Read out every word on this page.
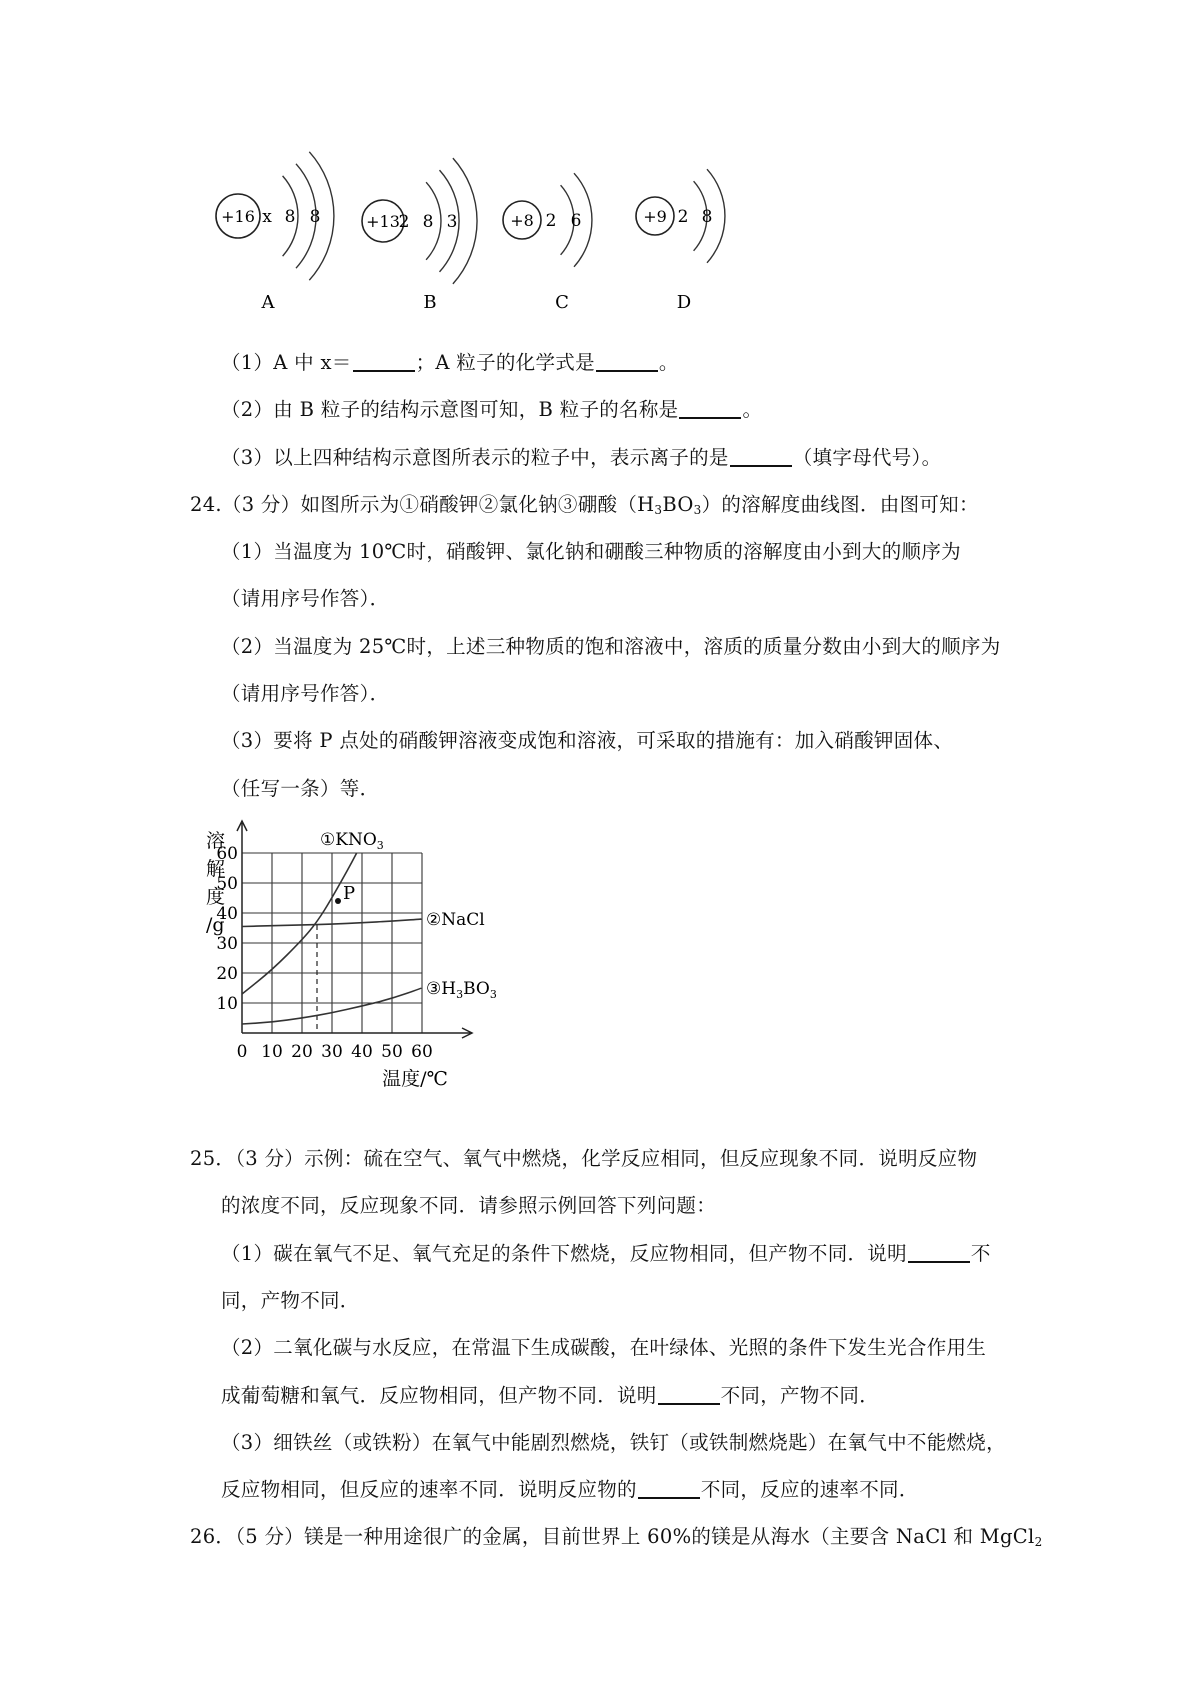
+16 x 8 8
A
+13
2 8 3
B
+8 2 6
C
+9 2 8
D
（1）A 中 x＝	；A 粒子的化学式是	。
（2）由 B 粒子的结构示意图可知，B 粒子的名称是	。
（3）以上四种结构示意图所表示的粒子中，表示离子的是	（填字母代号）。
24.（3 分）如图所示为①硝酸钾②氯化钠③硼酸$(H_3BO_3)$的溶解度曲线图．由图可知：
（1）当温度为 10℃时，硝酸钾、氯化钠和硼酸三种物质的溶解度由小到大的顺序为
（请用序号作答）．
（2）当温度为 25℃时，上述三种物质的饱和溶液中，溶质的质量分数由小到大的顺序为
（请用序号作答）．
（3）要将 P 点处的硝酸钾溶液变成饱和溶液，可采取的措施有：加入硝酸钾固体、
（任写一条）等．
10
20
30
40
50
60
0 10 20 30 40 50 60
溶
解
度
/g
温度/℃
$①KNO_3$
②NaCl
$③H_3BO_3$
P
25．（3 分）示例：硫在空气、氧气中燃烧，化学反应相同，但反应现象不同．说明反应物
的浓度不同，反应现象不同．请参照示例回答下列问题：
（1）碳在氧气不足、氧气充足的条件下燃烧，反应物相同，但产物不同．说明	不
同，产物不同．
（2）二氧化碳与水反应，在常温下生成碳酸，在叶绿体、光照的条件下发生光合作用生
成葡萄糖和氧气．反应物相同，但产物不同．说明	不同，产物不同．
（3）细铁丝（或铁粉）在氧气中能剧烈燃烧，铁钉（或铁制燃烧匙）在氧气中不能燃烧，
反应物相同，但反应的速率不同．说明反应物的	不同，反应的速率不同．
26．（5 分）镁是一种用途很广的金属，目前世界上 60%的镁是从海水（主要含 NaCl 和 MgCl$_2$
